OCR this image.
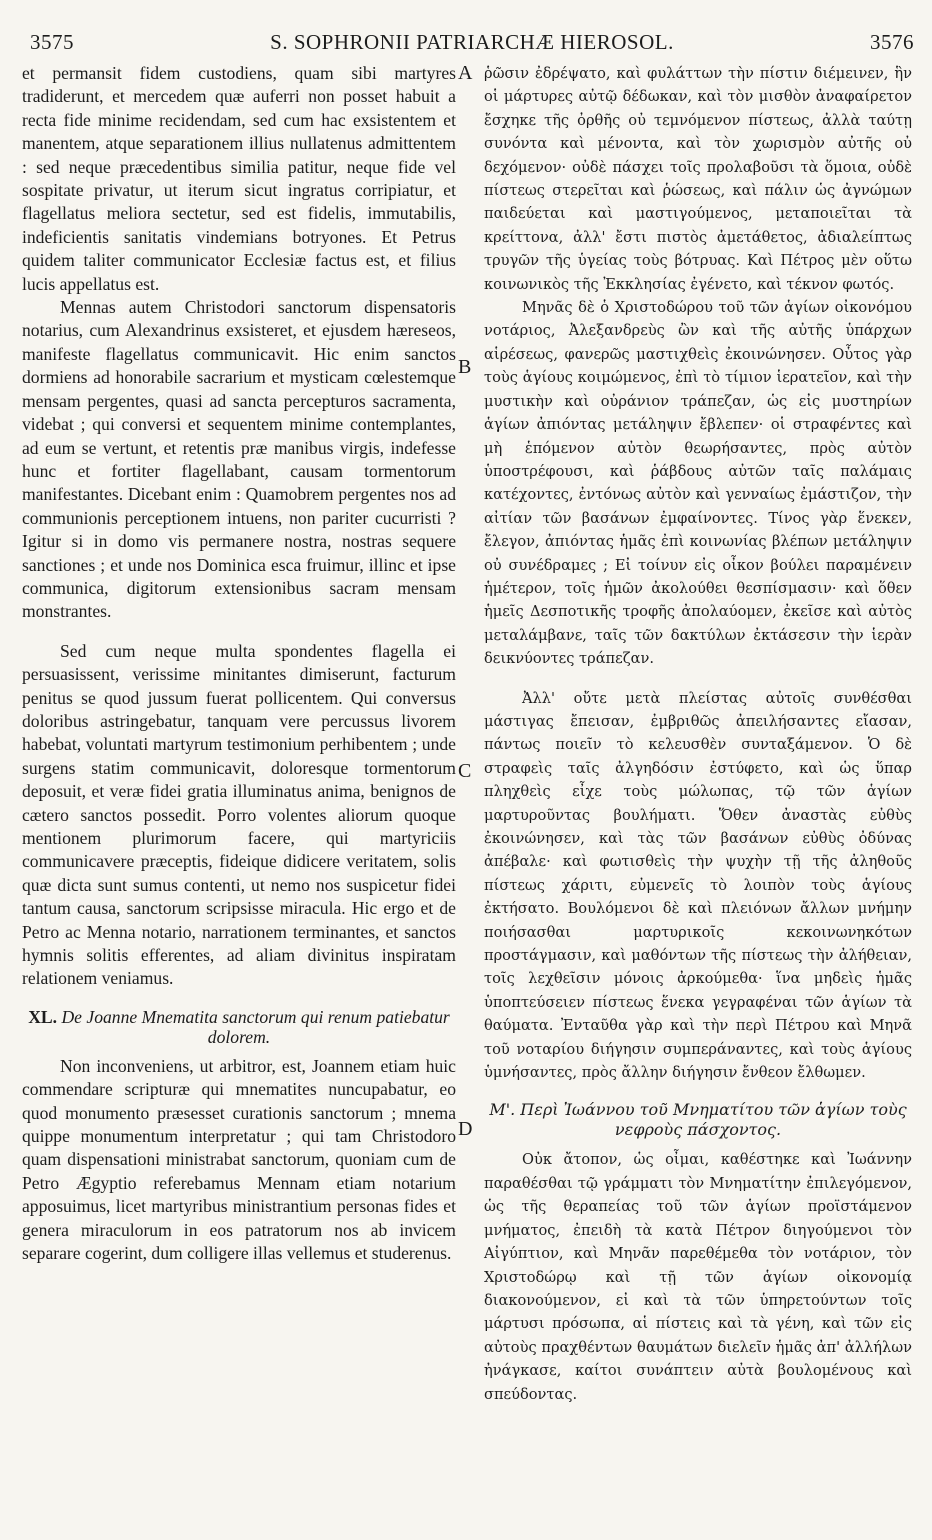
3575	S. SOPHRONII PATRIARCHÆ HIEROSOL.	3576
A
B
C
D

et permansit fidem custodiens, quam sibi martyres tradiderunt, et mercedem quæ auferri non posset habuit a recta fide minime recidendam, sed cum hac exsistentem et manentem, atque separationem illius nullatenus admittentem : sed neque præcedentibus similia patitur, neque fide vel sospitate privatur, ut iterum sicut ingratus corripiatur, et flagellatus meliora sectetur, sed est fidelis, immutabilis, indeficientis sanitatis vindemians botryones. Et Petrus quidem taliter communicator Ecclesiæ factus est, et filius lucis appellatus est.

Mennas autem Christodori sanctorum dispensatoris notarius, cum Alexandrinus exsisteret, et ejusdem hæreseos, manifeste flagellatus communicavit. Hic enim sanctos dormiens ad honorabile sacrarium et mysticam cœlestemque mensam pergentes, quasi ad sancta percepturos sacramenta, videbat ; qui conversi et sequentem minime contemplantes, ad eum se vertunt, et retentis præ manibus virgis, indefesse hunc et fortiter flagellabant, causam tormentorum manifestantes. Dicebant enim : Quamobrem pergentes nos ad communionis perceptionem intuens, non pariter cucurristi ? Igitur si in domo vis permanere nostra, nostras sequere sanctiones ; et unde nos Dominica esca fruimur, illinc et ipse communica, digitorum extensionibus sacram mensam monstrantes.

Sed cum neque multa spondentes flagella ei persuasissent, verissime minitantes dimiserunt, facturum penitus se quod jussum fuerat pollicentem. Qui conversus doloribus astringebatur, tanquam vere percussus livorem habebat, voluntati martyrum testimonium perhibentem ; unde surgens statim communicavit, doloresque tormentorum deposuit, et veræ fidei gratia illuminatus anima, benignos de cætero sanctos possedit. Porro volentes aliorum quoque mentionem plurimorum facere, qui martyriciis communicavere præceptis, fideique didicere veritatem, solis quæ dicta sunt sumus contenti, ut nemo nos suspicetur fidei tantum causa, sanctorum scripsisse miracula. Hic ergo et de Petro ac Menna notario, narrationem terminantes, et sanctos hymnis solitis efferentes, ad aliam divinitus inspiratam relationem veniamus.

XL. De Joanne Mnematita sanctorum qui renum patiebatur dolorem.

Non inconveniens, ut arbitror, est, Joannem etiam huic commendare scripturæ qui mnematites nuncupabatur, eo quod monumento præsesset curationis sanctorum ; mnema quippe monumentum interpretatur ; qui tam Christodoro quam dispensationi ministrabat sanctorum, quoniam cum de Petro Ægyptio referebamus Mennam etiam notarium apposuimus, licet martyribus ministrantium personas fides et genera miraculorum in eos patratorum nos ab invicem separare cogerint, dum colligere illas vellemus et studerenus.

ῥῶσιν ἐδρέψατο, καὶ φυλάττων τὴν πίστιν διέμεινεν, ἣν οἱ μάρτυρες αὐτῷ δέδωκαν, καὶ τὸν μισθὸν ἀναφαίρετον ἔσχηκε τῆς ὀρθῆς οὐ τεμνόμενον πίστεως, ἀλλὰ ταύτῃ συνόντα καὶ μένοντα, καὶ τὸν χωρισμὸν αὐτῆς οὐ δεχόμενον· οὐδὲ πάσχει τοῖς προλαβοῦσι τὰ ὅμοια, οὐδὲ πίστεως στερεῖται καὶ ῥώσεως, καὶ πάλιν ὡς ἀγνώμων παιδεύεται καὶ μαστιγούμενος, μεταποιεῖται τὰ κρείττονα, ἀλλ' ἔστι πιστὸς ἀμετάθετος, ἀδιαλείπτως τρυγῶν τῆς ὑγείας τοὺς βότρυας. Καὶ Πέτρος μὲν οὕτω κοινωνικὸς τῆς Ἐκκλησίας ἐγένετο, καὶ τέκνον φωτός.

Μηνᾶς δὲ ὁ Χριστοδώρου τοῦ τῶν ἁγίων οἰκονόμου νοτάριος, Ἀλεξανδρεὺς ὢν καὶ τῆς αὐτῆς ὑπάρχων αἱρέσεως, φανερῶς μαστιχθεὶς ἐκοινώνησεν. Οὗτος γὰρ τοὺς ἁγίους κοιμώμενος, ἐπὶ τὸ τίμιον ἱερατεῖον, καὶ τὴν μυστικὴν καὶ οὐράνιον τράπεζαν, ὡς εἰς μυστηρίων ἁγίων ἀπιόντας μετάληψιν ἔβλεπεν· οἱ στραφέντες καὶ μὴ ἑπόμενον αὐτὸν θεωρήσαντες, πρὸς αὐτὸν ὑποστρέφουσι, καὶ ῥάβδους αὐτῶν ταῖς παλάμαις κατέχοντες, ἐντόνως αὐτὸν καὶ γενναίως ἐμάστιζον, τὴν αἰτίαν τῶν βασάνων ἐμφαίνοντες. Τίνος γὰρ ἕνεκεν, ἔλεγον, ἀπιόντας ἡμᾶς ἐπὶ κοινωνίας βλέπων μετάληψιν οὐ συνέδραμες ; Εἰ τοίνυν εἰς οἶκον βούλει παραμένειν ἡμέτερον, τοῖς ἡμῶν ἀκολούθει θεσπίσμασιν· καὶ ὅθεν ἡμεῖς Δεσποτικῆς τροφῆς ἀπολαύομεν, ἐκεῖσε καὶ αὐτὸς μεταλάμβανε, ταῖς τῶν δακτύλων ἐκτάσεσιν τὴν ἱερὰν δεικνύοντες τράπεζαν.

Ἀλλ' οὔτε μετὰ πλείστας αὐτοῖς συνθέσθαι μάστιγας ἔπεισαν, ἐμβριθῶς ἀπειλήσαντες εἴασαν, πάντως ποιεῖν τὸ κελευσθὲν συνταξάμενον. Ὁ δὲ στραφεὶς ταῖς ἀλγηδόσιν ἐστύφετο, καὶ ὡς ὕπαρ πληχθεὶς εἶχε τοὺς μώλωπας, τῷ τῶν ἁγίων μαρτυροῦντας βουλήματι. Ὅθεν ἀναστὰς εὐθὺς ἐκοινώνησεν, καὶ τὰς τῶν βασάνων εὐθὺς ὀδύνας ἀπέβαλε· καὶ φωτισθεὶς τὴν ψυχὴν τῇ τῆς ἀληθοῦς πίστεως χάριτι, εὐμενεῖς τὸ λοιπὸν τοὺς ἁγίους ἐκτήσατο. Βουλόμενοι δὲ καὶ πλειόνων ἄλλων μνήμην ποιήσασθαι μαρτυρικοῖς κεκοινωνηκότων προστάγμασιν, καὶ μαθόντων τῆς πίστεως τὴν ἀλήθειαν, τοῖς λεχθεῖσιν μόνοις ἀρκούμεθα· ἵνα μηδεὶς ἡμᾶς ὑποπτεύσειεν πίστεως ἕνεκα γεγραφέναι τῶν ἁγίων τὰ θαύματα. Ἐνταῦθα γὰρ καὶ τὴν περὶ Πέτρου καὶ Μηνᾶ τοῦ νοταρίου διήγησιν συμπεράναντες, καὶ τοὺς ἁγίους ὑμνήσαντες, πρὸς ἄλλην διήγησιν ἔνθεον ἔλθωμεν.

Μ'. Περὶ Ἰωάννου τοῦ Μνηματίτου τῶν ἁγίων τοὺς νεφροὺς πάσχοντος.

Οὐκ ἄτοπον, ὡς οἶμαι, καθέστηκε καὶ Ἰωάννην παραθέσθαι τῷ γράμματι τὸν Μνηματίτην ἐπιλεγόμενον, ὡς τῆς θεραπείας τοῦ τῶν ἁγίων προϊστάμενον μνήματος, ἐπειδὴ τὰ κατὰ Πέτρον διηγούμενοι τὸν Αἰγύπτιον, καὶ Μηνᾶν παρεθέμεθα τὸν νοτάριον, τὸν Χριστοδώρῳ καὶ τῇ τῶν ἁγίων οἰκονομίᾳ διακονούμενον, εἰ καὶ τὰ τῶν ὑπηρετούντων τοῖς μάρτυσι πρόσωπα, αἱ πίστεις καὶ τὰ γένη, καὶ τῶν εἰς αὐτοὺς πραχθέντων θαυμάτων διελεῖν ἡμᾶς ἀπ' ἀλλήλων ἠνάγκασε, καίτοι συνάπτειν αὐτὰ βουλομένους καὶ σπεύδοντας.
